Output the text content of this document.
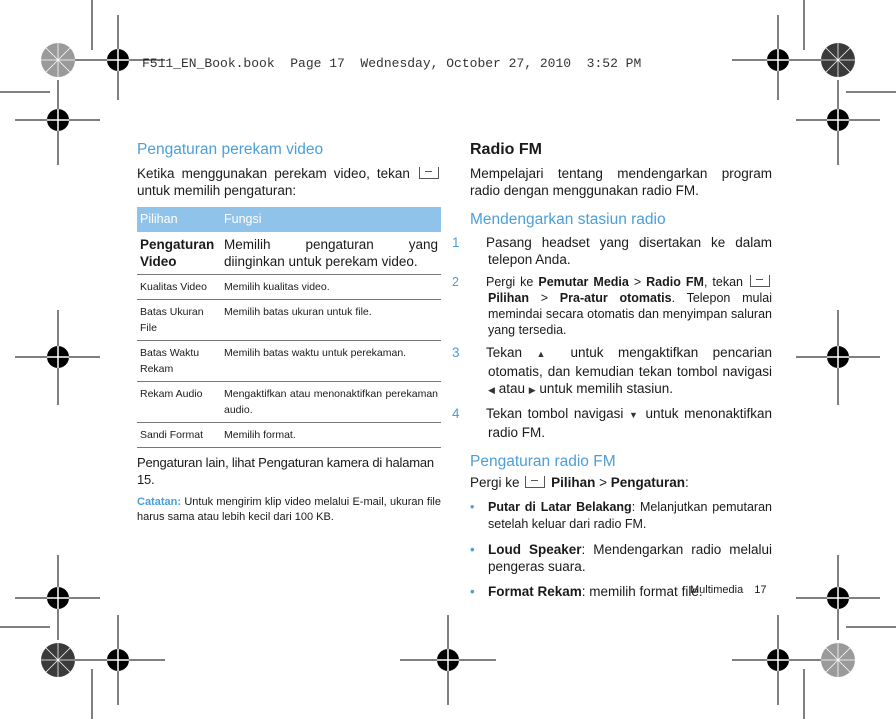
F511_EN_Book.book  Page 17  Wednesday, October 27, 2010  3:52 PM
Pengaturan perekam video
Ketika menggunakan perekam video, tekan  untuk memilih pengaturan:
Pilihan	Fungsi
Pengaturan Video	Memilih pengaturan yang diinginkan untuk perekam video.
Kualitas Video	Memilih kualitas video.
Batas Ukuran File	Memilih batas ukuran untuk file.
Batas Waktu Rekam	Memilih batas waktu untuk perekaman.
Rekam Audio	Mengaktifkan atau menonaktifkan perekaman audio.
Sandi Format	Memilih format.
Pengaturan lain, lihat Pengaturan kamera di halaman 15.
Catatan: Untuk mengirim klip video melalui E-mail, ukuran file harus sama atau lebih kecil dari 100 KB.
Radio FM
Mempelajari tentang mendengarkan program radio dengan menggunakan radio FM.
Mendengarkan stasiun radio

1 Pasang headset yang disertakan ke dalam telepon Anda.

2 Pergi ke Pemutar Media > Radio FM, tekan  Pilihan > Pra-atur otomatis. Telepon mulai memindai secara otomatis dan menyimpan saluran yang tersedia.

3 Tekan ▲ untuk mengaktifkan pencarian otomatis, dan kemudian tekan tombol navigasi ◀ atau ▶ untuk memilih stasiun.

4 Tekan tombol navigasi ▼ untuk menonaktifkan radio FM.

Pengaturan radio FM
Pergi ke Pilihan > Pengaturan:

• Putar di Latar Belakang: Melanjutkan pemutaran setelah keluar dari radio FM.

• Loud Speaker: Mendengarkan radio melalui pengeras suara.

• Format Rekam: memilih format file.

Multimedia 17
